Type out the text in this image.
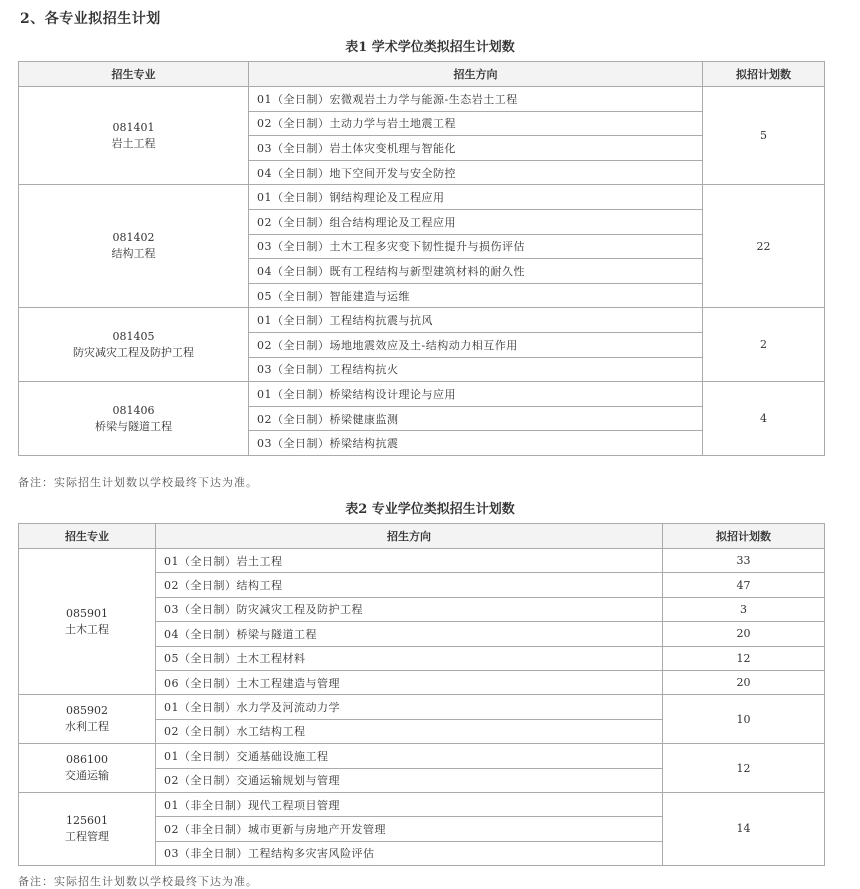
2、各专业拟招生计划
表1 学术学位类拟招生计划数
招生专业	招生方向	拟招计划数

081401
岩土工程	01（全日制）宏微观岩土力学与能源-生态岩土工程	5
	02（全日制）土动力学与岩土地震工程	
	03（全日制）岩土体灾变机理与智能化	
	04（全日制）地下空间开发与安全防控	

081402
结构工程	01（全日制）钢结构理论及工程应用	22
	02（全日制）组合结构理论及工程应用	
	03（全日制）土木工程多灾变下韧性提升与损伤评估	
	04（全日制）既有工程结构与新型建筑材料的耐久性	
	05（全日制）智能建造与运维	

081405
防灾减灾工程及防护工程	01（全日制）工程结构抗震与抗风	2
	02（全日制）场地地震效应及土-结构动力相互作用	
	03（全日制）工程结构抗火	

081406
桥梁与隧道工程	01（全日制）桥梁结构设计理论与应用	4
	02（全日制）桥梁健康监测	
	03（全日制）桥梁结构抗震	
备注：实际招生计划数以学校最终下达为准。
表2 专业学位类拟招生计划数
招生专业	招生方向	拟招计划数

085901
土木工程	01（全日制）岩土工程	33
	02（全日制）结构工程	47
	03（全日制）防灾减灾工程及防护工程	3
	04（全日制）桥梁与隧道工程	20
	05（全日制）土木工程材料	12
	06（全日制）土木工程建造与管理	20

085902
水利工程	01（全日制）水力学及河流动力学	10
	02（全日制）水工结构工程	

086100
交通运输	01（全日制）交通基础设施工程	12
	02（全日制）交通运输规划与管理	

125601
工程管理	01（非全日制）现代工程项目管理	14
	02（非全日制）城市更新与房地产开发管理	
	03（非全日制）工程结构多灾害风险评估	
备注：实际招生计划数以学校最终下达为准。
